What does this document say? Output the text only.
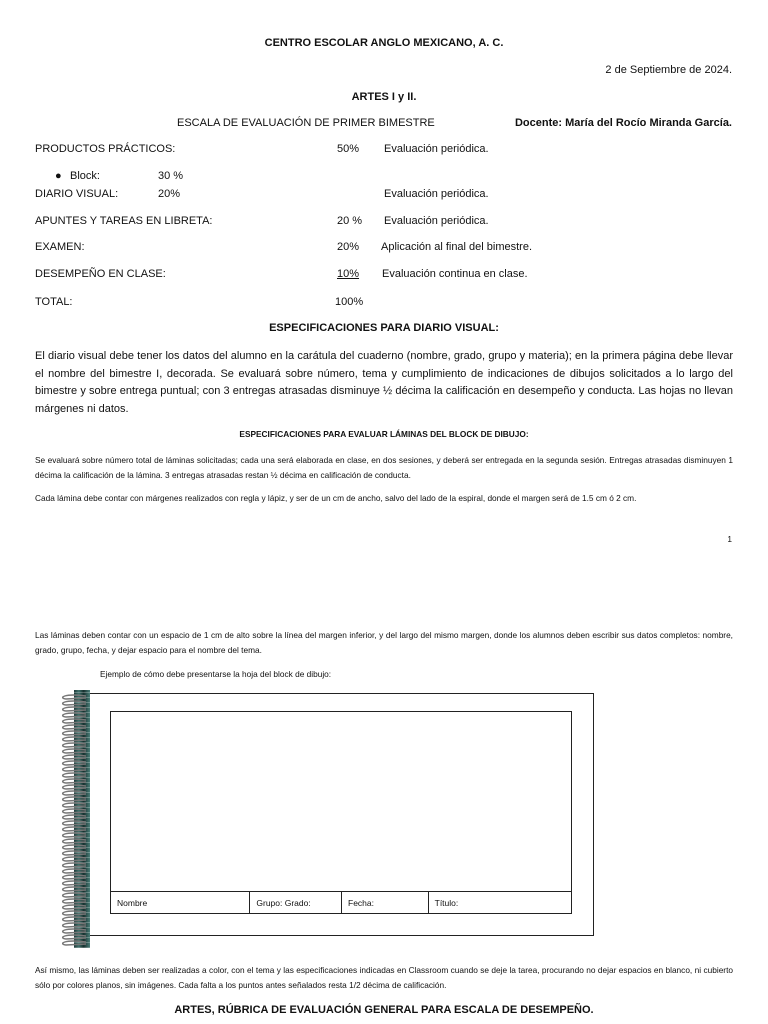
CENTRO ESCOLAR ANGLO MEXICANO, A. C.
2 de Septiembre de 2024.
ARTES I y II.
ESCALA DE EVALUACIÓN DE PRIMER BIMESTRE	Docente: María del Rocío Miranda García.
PRODUCTOS PRÁCTICOS:	50% Evaluación periódica.
● Block:	30 %
DIARIO VISUAL:	20%	Evaluación periódica.
APUNTES Y TAREAS EN LIBRETA:	20 % Evaluación periódica.
EXAMEN:	20% Aplicación al final del bimestre.
DESEMPEÑO EN CLASE:	10% Evaluación continua en clase.
TOTAL:	100%
ESPECIFICACIONES PARA DIARIO VISUAL:
El diario visual debe tener los datos del alumno en la carátula del cuaderno (nombre, grado, grupo y materia); en la primera página debe llevar el nombre del bimestre I, decorada. Se evaluará sobre número, tema y cumplimiento de indicaciones de dibujos solicitados a lo largo del bimestre y sobre entrega puntual; con 3 entregas atrasadas disminuye ½ décima la calificación en desempeño y conducta. Las hojas no llevan márgenes ni datos.
ESPECIFICACIONES PARA EVALUAR LÁMINAS DEL BLOCK DE DIBUJO:
Se evaluará sobre número total de láminas solicitadas; cada una será elaborada en clase, en dos sesiones, y deberá ser entregada en la segunda sesión. Entregas atrasadas disminuyen 1 décima la calificación de la lámina. 3 entregas atrasadas restan ½ décima en calificación de conducta.
Cada lámina debe contar con márgenes realizados con regla y lápiz, y ser de un cm de ancho, salvo del lado de la espiral, donde el margen será de 1.5 cm ó 2 cm.
1
Las láminas deben contar con un espacio de 1 cm de alto sobre la línea del margen inferior, y del largo del mismo margen, donde los alumnos deben escribir sus datos completos: nombre, grado, grupo, fecha, y dejar espacio para el nombre del tema.
Ejemplo de cómo debe presentarse la hoja del block de dibujo:
Nombre	Grupo: Grado:	Fecha:	Título:
Así mismo, las láminas deben ser realizadas a color, con el tema y las especificaciones indicadas en Classroom cuando se deje la tarea, procurando no dejar espacios en blanco, ni cubierto sólo por colores planos, sin imágenes. Cada falta a los puntos antes señalados resta 1/2 décima de calificación.
ARTES, RÚBRICA DE EVALUACIÓN GENERAL PARA ESCALA DE DESEMPEÑO.
